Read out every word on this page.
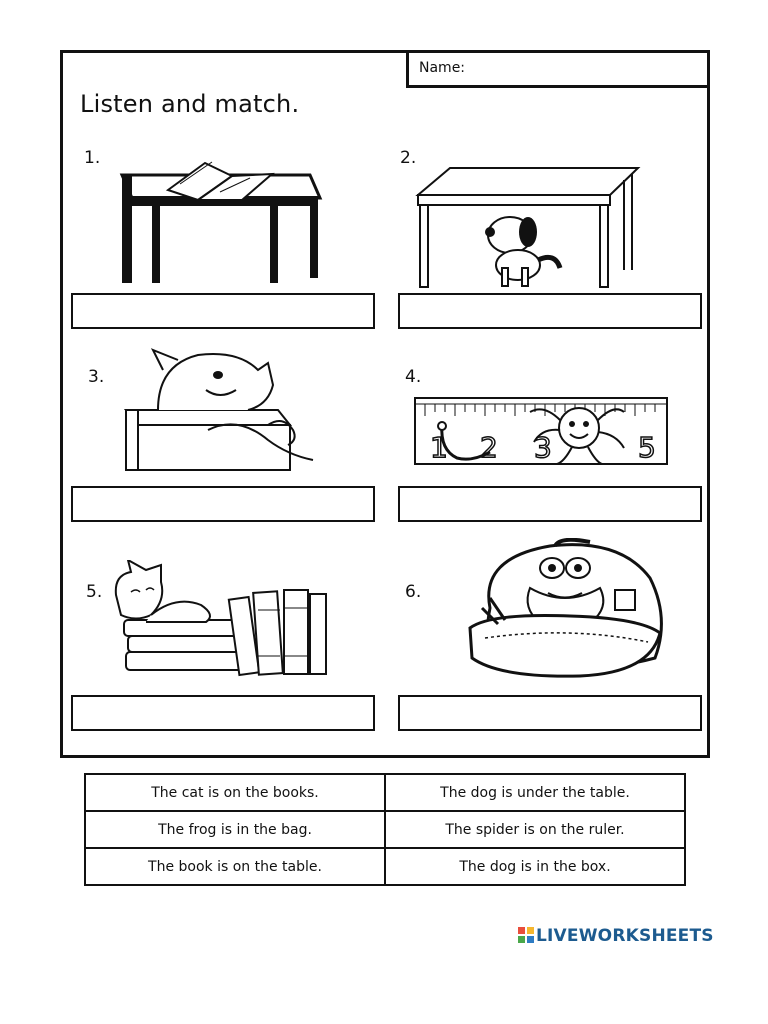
Name:
Listen and match.
1.	2.
3.	4.
1 2 3	5
5.	6.
The cat is on the books.	The dog is under the table.
The frog is in the bag.	The spider is on the ruler.
The book is on the table.	The dog is in the box.
LIVEWORKSHEETS
